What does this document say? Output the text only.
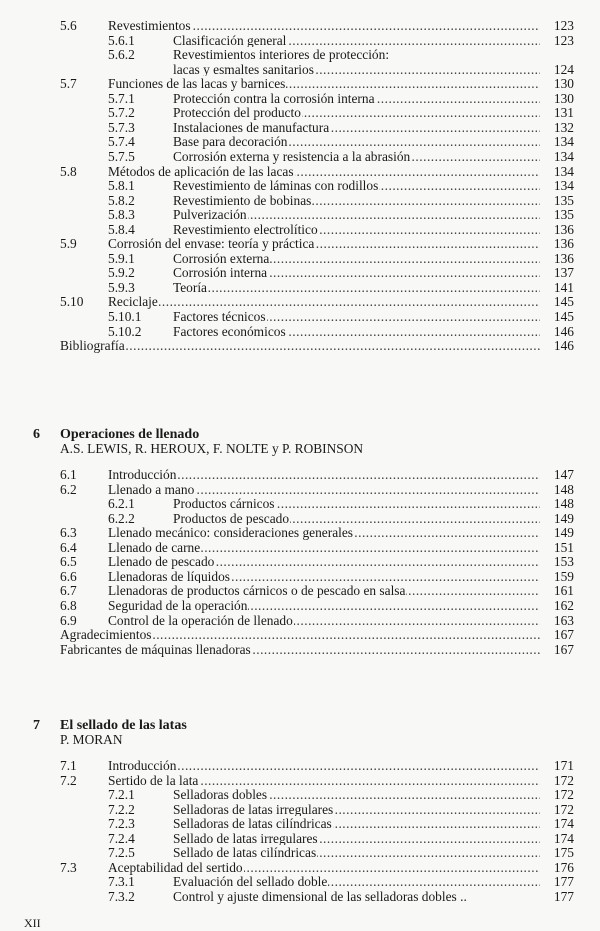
5.6 Revestimientos .....	123
5.6.1	Clasificación general .....	123
5.6.2	Revestimientos interiores de protección:
lacas y esmaltes sanitarios .....	124
5.7 Funciones de las lacas y barnices .....	130
5.7.1	Protección contra la corrosión interna .....	130
5.7.2	Protección del producto .....	131
5.7.3	Instalaciones de manufactura .....	132
5.7.4	Base para decoración .....	134
5.7.5	Corrosión externa y resistencia a la abrasión .....	134
5.8 Métodos de aplicación de las lacas .....	134
5.8.1	Revestimiento de láminas con rodillos .....	134
5.8.2	Revestimiento de bobinas .....	135
5.8.3	Pulverización .....	135
5.8.4	Revestimiento electrolítico .....	136
5.9 Corrosión del envase: teoría y práctica .....	136
5.9.1	Corrosión externa .....	136
5.9.2	Corrosión interna .....	137
5.9.3	Teoría .....	141
5.10 Reciclaje .....	145
5.10.1 Factores técnicos .....	145
5.10.2 Factores económicos .....	146
Bibliografía .....	146
6 Operaciones de llenado
A.S. LEWIS, R. HEROUX, F. NOLTE y P. ROBINSON
6.1 Introducción .....	147
6.2 Llenado a mano .....	148
6.2.1	Productos cárnicos .....	148
6.2.2	Productos de pescado .....	149
6.3 Llenado mecánico: consideraciones generales .....	149
6.4 Llenado de carne .....	151
6.5 Llenado de pescado .....	153
6.6 Llenadoras de líquidos .....	159
6.7 Llenadoras de productos cárnicos o de pescado en salsa .....	161
6.8 Seguridad de la operación .....	162
6.9 Control de la operación de llenado .....	163
Agradecimientos .....	167
Fabricantes de máquinas llenadoras .....	167
7 El sellado de las latas
P. MORAN
7.1 Introducción .....	171
7.2 Sertido de la lata .....	172
7.2.1	Selladoras dobles .....	172
7.2.2	Selladoras de latas irregulares .....	172
7.2.3	Selladoras de latas cilíndricas .....	174
7.2.4	Sellado de latas irregulares .....	174
7.2.5	Sellado de latas cilíndricas .....	175
7.3 Aceptabilidad del sertido .....	176
7.3.1	Evaluación del sellado doble .....	177
7.3.2	Control y ajuste dimensional de las selladoras dobles ..	177
XII
